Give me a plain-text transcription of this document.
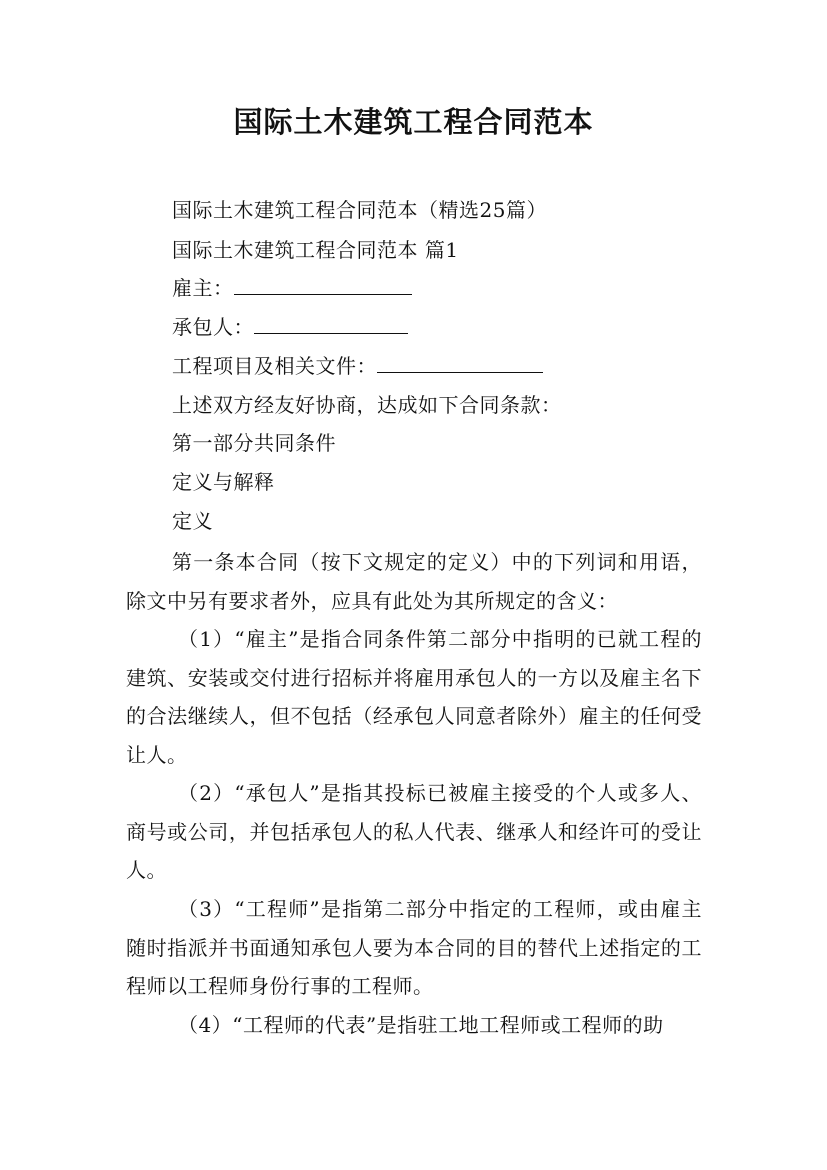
国际土木建筑工程合同范本
国际土木建筑工程合同范本（精选25篇）
国际土木建筑工程合同范本 篇1
雇主：
承包人：
工程项目及相关文件：
上述双方经友好协商，达成如下合同条款：
第一部分共同条件
定义与解释
定义
第一条本合同（按下文规定的定义）中的下列词和用语，除文中另有要求者外，应具有此处为其所规定的含义：
（1）“雇主”是指合同条件第二部分中指明的已就工程的建筑、安装或交付进行招标并将雇用承包人的一方以及雇主名下的合法继续人，但不包括（经承包人同意者除外）雇主的任何受让人。
（2）“承包人”是指其投标已被雇主接受的个人或多人、商号或公司，并包括承包人的私人代表、继承人和经许可的受让人。
（3）“工程师”是指第二部分中指定的工程师，或由雇主随时指派并书面通知承包人要为本合同的目的替代上述指定的工程师以工程师身份行事的工程师。
（4）“工程师的代表”是指驻工地工程师或工程师的助
